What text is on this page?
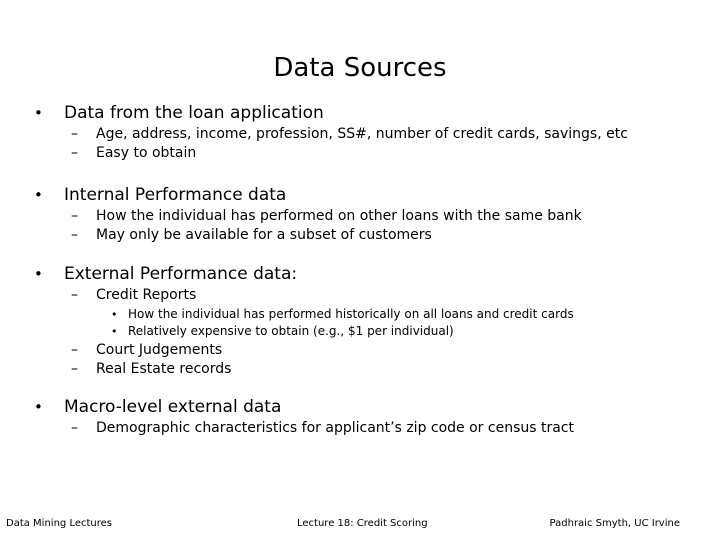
Data Sources
•	Data from the loan application
–	Age, address, income, profession, SS#, number of credit cards, savings, etc
–	Easy to obtain
•	Internal Performance data
–	How the individual has performed on other loans with the same bank
–	May only be available for a subset of customers
•	External Performance data:
–	Credit Reports
• How the individual has performed historically on all loans and credit cards
• Relatively expensive to obtain (e.g., $1 per individual)
–	Court Judgements
–	Real Estate records
•	Macro-level external data
–	Demographic characteristics for applicant’s zip code or census tract
Data Mining Lectures	Lecture 18: Credit Scoring	Padhraic Smyth, UC Irvine
